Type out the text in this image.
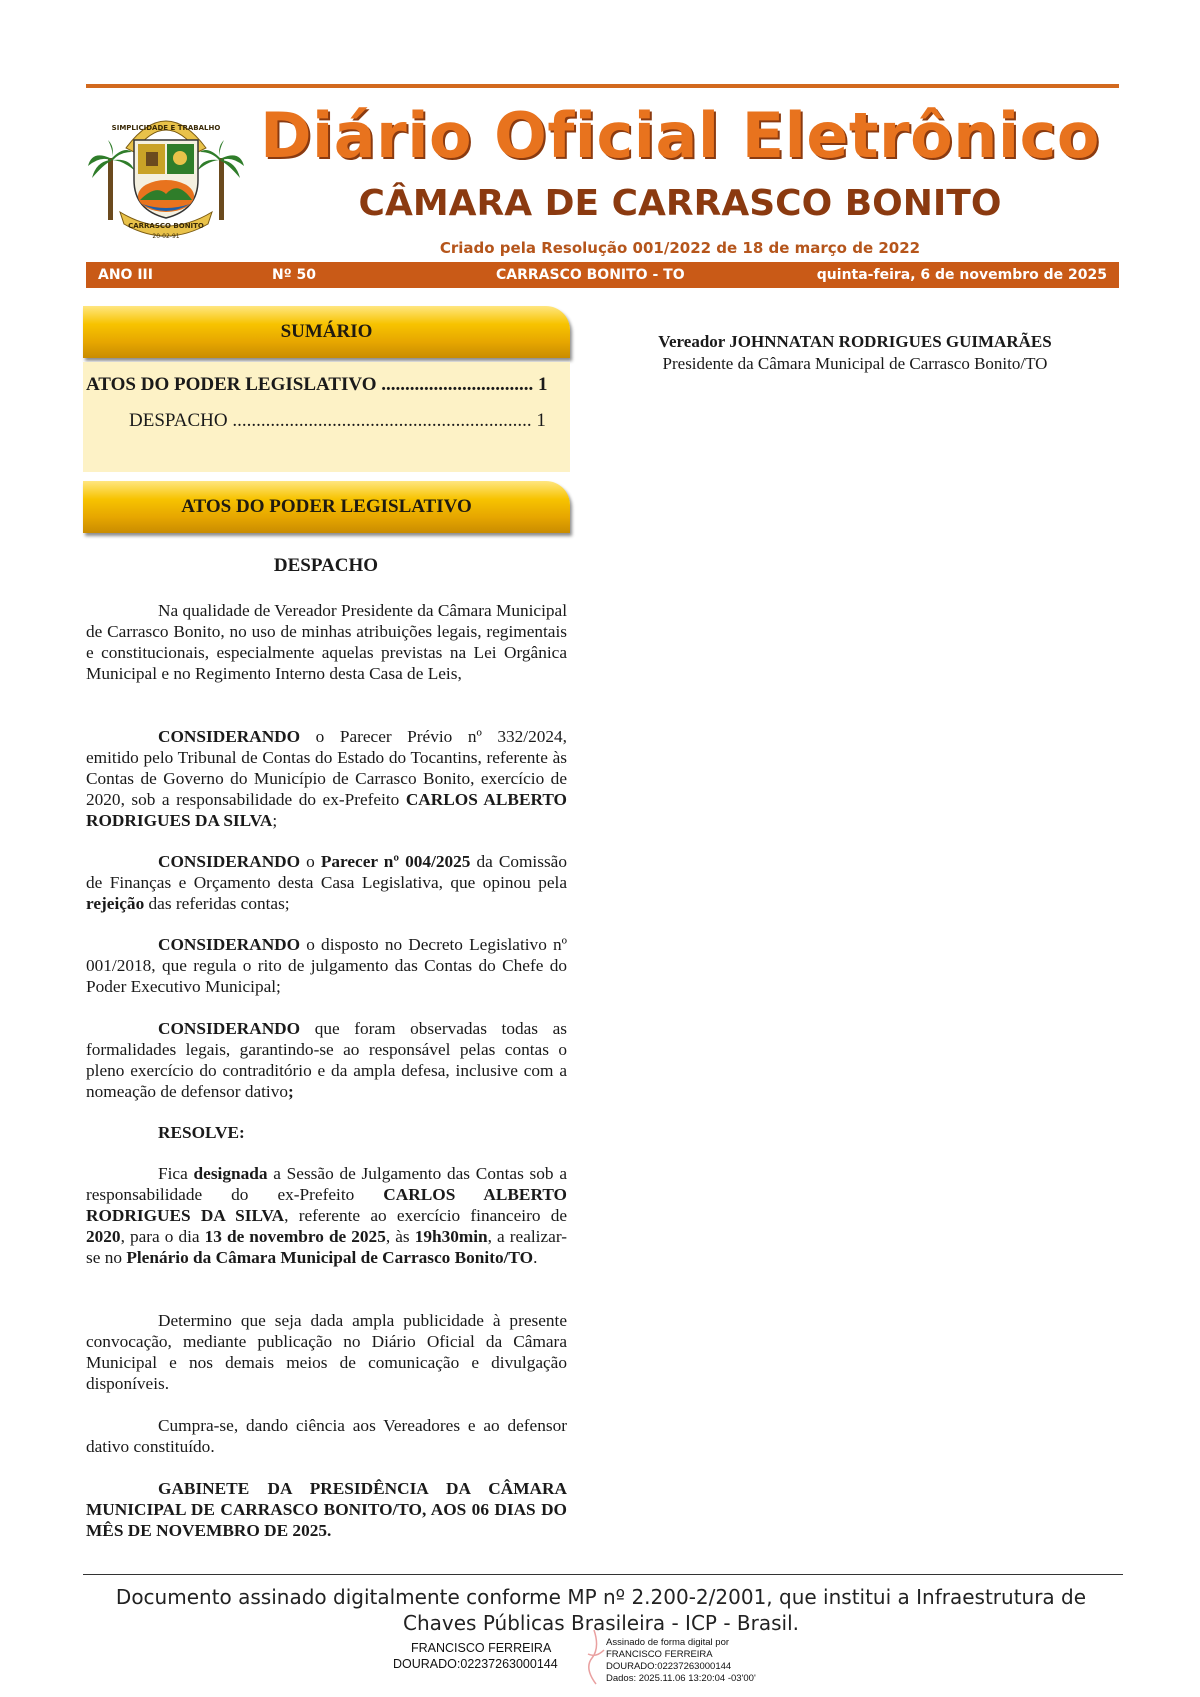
SIMPLICIDADE E TRABALHO
CARRASCO BONITO
20-02-91
Diário Oficial Eletrônico
CÂMARA DE CARRASCO BONITO
Criado pela Resolução 001/2022 de 18 de março de 2022
ANO III	Nº 50	CARRASCO BONITO - TO	quinta-feira, 6 de novembro de 2025
SUMÁRIO
ATOS DO PODER LEGISLATIVO ................................ 1
DESPACHO ............................................................... 1
ATOS DO PODER LEGISLATIVO
DESPACHO

Na qualidade de Vereador Presidente da Câmara Municipal de Carrasco Bonito, no uso de minhas atribuições legais, regimentais e constitucionais, especialmente aquelas previstas na Lei Orgânica Municipal e no Regimento Interno desta Casa de Leis,

CONSIDERANDO o Parecer Prévio nº 332/2024, emitido pelo Tribunal de Contas do Estado do Tocantins, referente às Contas de Governo do Município de Carrasco Bonito, exercício de 2020, sob a responsabilidade do ex-Prefeito CARLOS ALBERTO RODRIGUES DA SILVA;

CONSIDERANDO o Parecer nº 004/2025 da Comissão de Finanças e Orçamento desta Casa Legislativa, que opinou pela rejeição das referidas contas;

CONSIDERANDO o disposto no Decreto Legislativo nº 001/2018, que regula o rito de julgamento das Contas do Chefe do Poder Executivo Municipal;

CONSIDERANDO que foram observadas todas as formalidades legais, garantindo-se ao responsável pelas contas o pleno exercício do contraditório e da ampla defesa, inclusive com a nomeação de defensor dativo;

RESOLVE:

Fica designada a Sessão de Julgamento das Contas sob a responsabilidade do ex-Prefeito CARLOS ALBERTO RODRIGUES DA SILVA, referente ao exercício financeiro de 2020, para o dia 13 de novembro de 2025, às 19h30min, a realizar-se no Plenário da Câmara Municipal de Carrasco Bonito/TO.

Determino que seja dada ampla publicidade à presente convocação, mediante publicação no Diário Oficial da Câmara Municipal e nos demais meios de comunicação e divulgação disponíveis.

Cumpra-se, dando ciência aos Vereadores e ao defensor dativo constituído.

GABINETE DA PRESIDÊNCIA DA CÂMARA MUNICIPAL DE CARRASCO BONITO/TO, AOS 06 DIAS DO MÊS DE NOVEMBRO DE 2025.

Vereador JOHNNATAN RODRIGUES GUIMARÃES
Presidente da Câmara Municipal de Carrasco Bonito/TO
Documento assinado digitalmente conforme MP nº 2.200-2/2001, que institui a Infraestrutura de Chaves Públicas Brasileira - ICP - Brasil.
FRANCISCO FERREIRA
DOURADO:02237263000144
Assinado de forma digital por
FRANCISCO FERREIRA
DOURADO:02237263000144
Dados: 2025.11.06 13:20:04 -03'00'
